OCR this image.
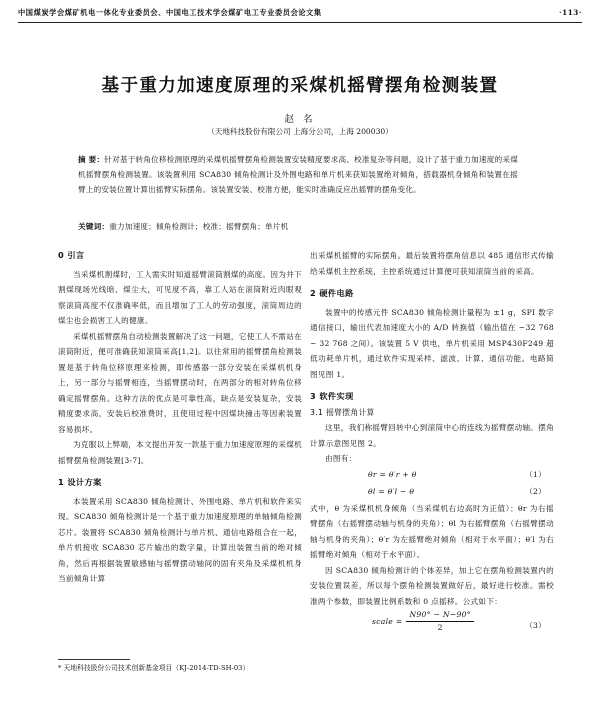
中国煤炭学会煤矿机电一体化专业委员会、中国电工技术学会煤矿电工专业委员会论文集	·113·
基于重力加速度原理的采煤机摇臂摆角检测装置
赵 名
（天地科技股份有限公司 上海分公司，上海 200030）
摘 要：针对基于转角位移检测原理的采煤机摇臂摆角检测装置安装精度要求高、校准复杂等问题，设计了基于重力加速度的采煤机摇臂摆角检测装置。该装置利用 SCA830 倾角检测计及外围电路和单片机来获知装置绝对倾角，搭载器机身倾角和装置在摇臂上的安装位置计算出摇臂实际摆角。该装置安装、校准方便，能实时准确反应出摇臂的摆角变化。
关键词：重力加速度；倾角检测计；校准；摇臂摆角；单片机
0 引言

当采煤机割煤时，工人需实时知道摇臂滚筒割煤的高度。因为井下割煤现场光线暗、煤尘大，可见度不高，靠工人站在滚筒附近肉眼观察滚筒高度不仅准确率低，而且增加了工人的劳动强度，滚筒周边的煤尘也会损害工人的健康。

采煤机摇臂摆角自动检测装置解决了这一问题，它使工人不需站在滚筒附近，便可准确获知滚筒采高[1,2]。以往常用的摇臂摆角检测装置是基于转角位移原理来检测，即传感器一部分安装在采煤机机身上，另一部分与摇臂相连，当摇臂摆动时，在两部分的相对转角位移确定摇臂摆角。这种方法的优点是可靠性高，缺点是安装复杂，安装精度要求高，安装后校准费时，且使用过程中因煤块撞击等因素装置容易损坏。

为克服以上弊端，本文提出开发一款基于重力加速度原理的采煤机摇臂摆角检测装置[3-7]。

1 设计方案

本装置采用 SCA830 倾角检测计、外围电路、单片机和软件来实现。SCA830 倾角检测计是一个基于重力加速度原理的单轴倾角检测芯片。装置将 SCA830 倾角检测计与单片机、通信电路组合在一起，单片机接收 SCA830 芯片输出的数字量，计算出装置当前的绝对倾角，然后再根据装置敏感轴与摇臂摆动轴间的固有夹角及采煤机机身当前倾角计算

出采煤机摇臂的实际摆角。最后装置将摆角信息以 485 通信形式传输给采煤机主控系统，主控系统通过计算便可获知滚筒当前的采高。

2 硬件电路

装置中的传感元件 SCA830 倾角检测计量程为 ±1 g，SPI 数字通信接口，输出代表加速度大小的 A/D 转换值（输出值在 −32 768 ~ 32 768 之间）。该装置 5 V 供电，单片机采用 MSP430F249 超低功耗单片机，通过软件实现采样、滤波、计算、通信功能。电路简图见图 1。

3 软件实现
3.1 摇臂摆角计算

这里，我们称摇臂回转中心到滚筒中心的连线为摇臂摆动轴。摆角计算示意图见图 2。

由图有：

θr = θ′r + θ	（1）
θl = θ′l − θ	（2）

式中，θ 为采煤机机身倾角（当采煤机右边高时为正值）；θr 为右摇臂摆角（右摇臂摆动轴与机身的夹角）；θl 为右摇臂摆角（右摇臂摆动轴与机身的夹角）；θ′r 为左摇臂绝对倾角（相对于水平面）；θ′l 为右摇臂绝对倾角（相对于水平面）。

因 SCA830 倾角检测计的个体差异，加上它在摆角检测装置内的安装位置误差，所以每个摆角检测装置做好后，最好进行校准。需校准两个参数，即装置比例系数和 0 点摇移。公式如下：

scale = $\frac{N90^\circ - N-90^\circ}{2}$	（3）
* 天地科技股份公司技术创新基金项目（KJ-2014-TD-SH-03）
